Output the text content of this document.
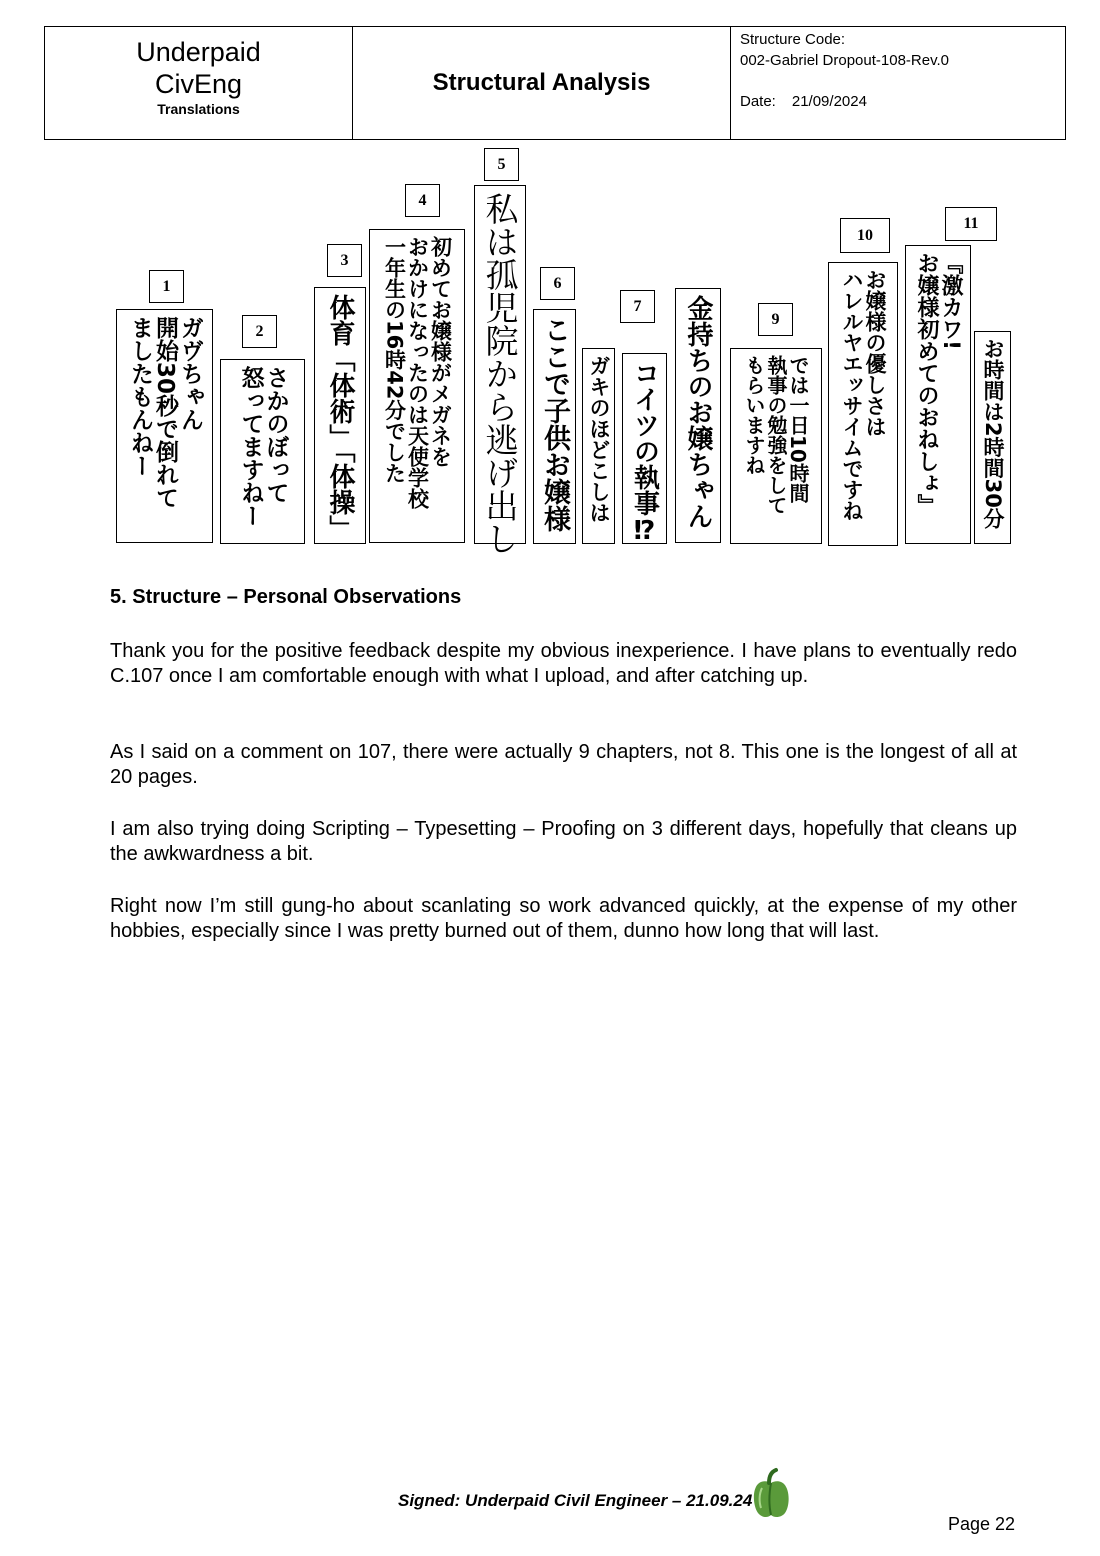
Underpaid CivEng
Translations
Structural Analysis
Structure Code:
002-Gabriel Dropout-108-Rev.0
Date: 21/09/2024
1
ガヴちゃん
開始30秒で倒れて
ましたもんねー	2
さかのぼって
怒ってますねー
3
体育「体術」「体操」
4
初めてお嬢様がメガネを
おかけになったのは天使学校
一年生の16時42分でした
5
私は孤児院から逃げ出し	6
ここで子供お嬢様 ガキのほどこしは
7
コイツの執事⁉ 金持ちのお嬢ちゃん	9
では一日10時間
執事の勉強をして
もらいますね
10
お嬢様の優しさは
ハレルヤエッサイムですね	『激カワ!
お嬢様初めてのおねしょ』
11
お時間は2時間30分
5. Structure – Personal Observations

Thank you for the positive feedback despite my obvious inexperience. I have plans to eventually redo C.107 once I am comfortable enough with what I upload, and after catching up.

As I said on a comment on 107, there were actually 9 chapters, not 8. This one is the longest of all at 20 pages.

I am also trying doing Scripting – Typesetting – Proofing on 3 different days, hopefully that cleans up the awkwardness a bit.

Right now I’m still gung-ho about scanlating so work advanced quickly, at the expense of my other hobbies, especially since I was pretty burned out of them, dunno how long that will last.

Signed: Underpaid Civil Engineer – 21.09.24
Page 22
